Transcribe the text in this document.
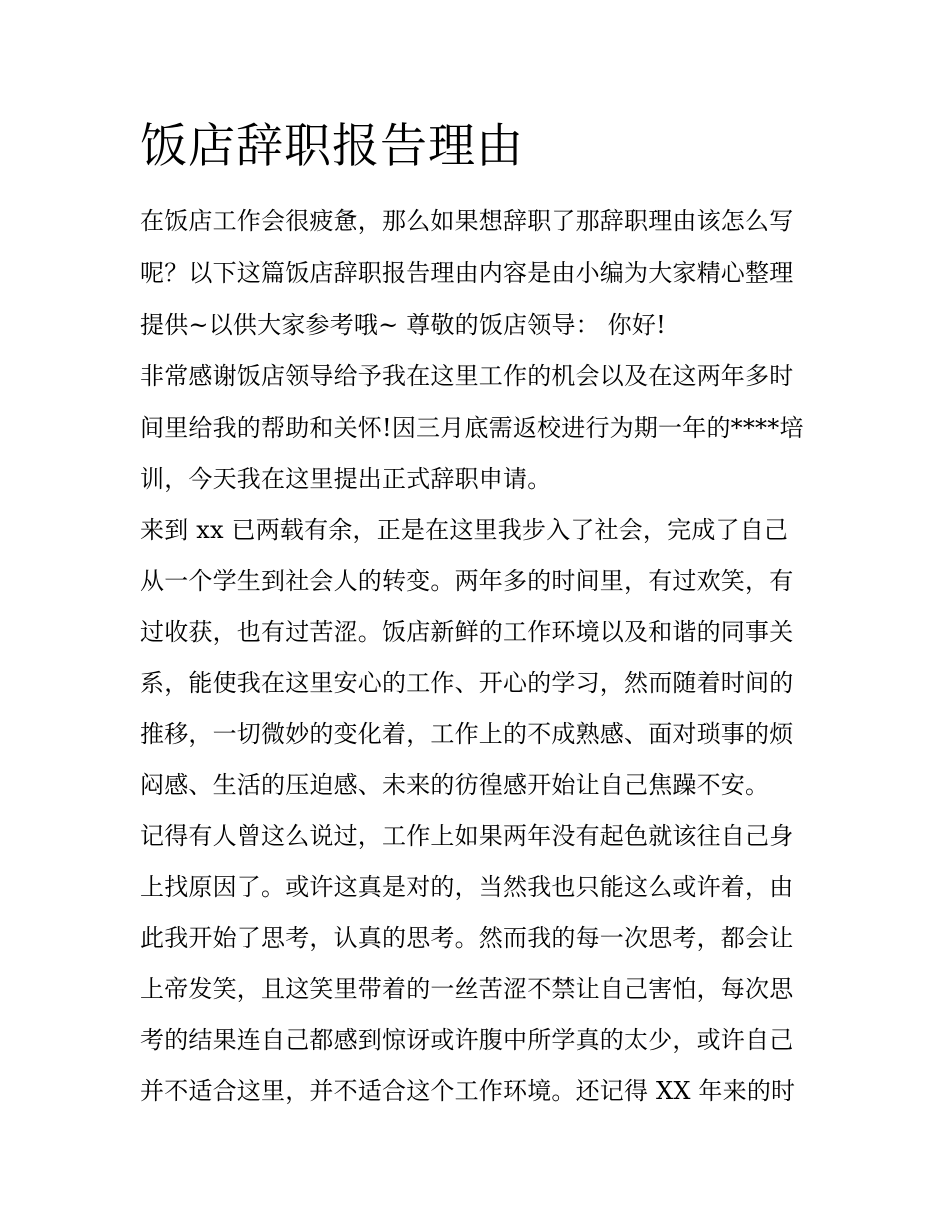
饭店辞职报告理由

在饭店工作会很疲惫，那么如果想辞职了那辞职理由该怎么写

呢？以下这篇饭店辞职报告理由内容是由小编为大家精心整理

提供~以供大家参考哦~ 尊敬的饭店领导： 你好!

非常感谢饭店领导给予我在这里工作的机会以及在这两年多时

间里给我的帮助和关怀!因三月底需返校进行为期一年的****培

训，今天我在这里提出正式辞职申请。

来到 xx 已两载有余，正是在这里我步入了社会，完成了自己

从一个学生到社会人的转变。两年多的时间里，有过欢笑，有

过收获，也有过苦涩。饭店新鲜的工作环境以及和谐的同事关

系，能使我在这里安心的工作、开心的学习，然而随着时间的

推移，一切微妙的变化着，工作上的不成熟感、面对琐事的烦

闷感、生活的压迫感、未来的彷徨感开始让自己焦躁不安。

记得有人曾这么说过，工作上如果两年没有起色就该往自己身

上找原因了。或许这真是对的，当然我也只能这么或许着，由

此我开始了思考，认真的思考。然而我的每一次思考，都会让

上帝发笑，且这笑里带着的一丝苦涩不禁让自己害怕，每次思

考的结果连自己都感到惊讶或许腹中所学真的太少，或许自己

并不适合这里，并不适合这个工作环境。还记得 XX 年来的时
